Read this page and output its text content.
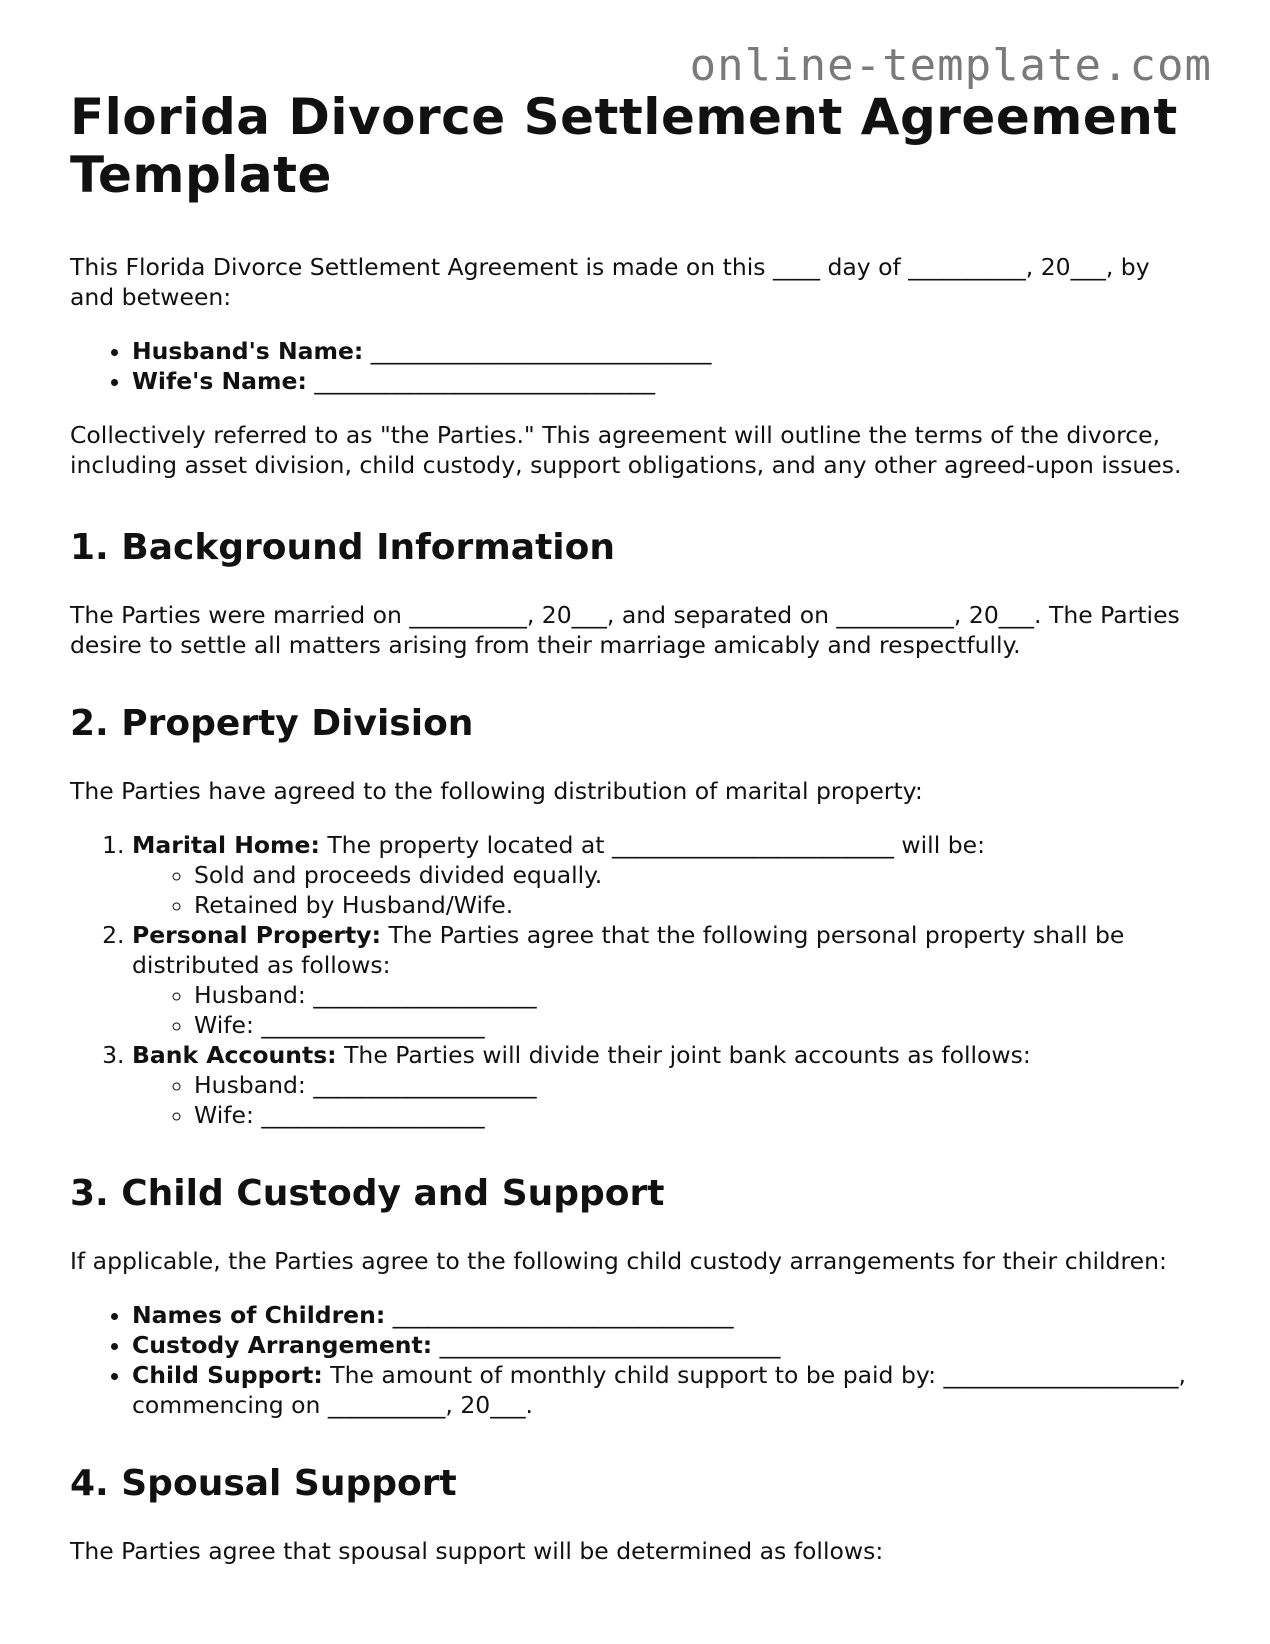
online-template.com
Florida Divorce Settlement Agreement Template

This Florida Divorce Settlement Agreement is made on this ____ day of __________, 20___, by and between:

• Husband's Name: _____________________________
• Wife's Name: _____________________________

Collectively referred to as "the Parties." This agreement will outline the terms of the divorce, including asset division, child custody, support obligations, and any other agreed-upon issues.

1. Background Information

The Parties were married on __________, 20___, and separated on __________, 20___. The Parties desire to settle all matters arising from their marriage amicably and respectfully.

2. Property Division

The Parties have agreed to the following distribution of marital property:

1. Marital Home: The property located at ________________________ will be:
◦ Sold and proceeds divided equally.
◦ Retained by Husband/Wife.
2. Personal Property: The Parties agree that the following personal property shall be distributed as follows:
◦ Husband: ___________________
◦ Wife: ___________________
3. Bank Accounts: The Parties will divide their joint bank accounts as follows:
◦ Husband: ___________________
◦ Wife: ___________________
3. Child Custody and Support

If applicable, the Parties agree to the following child custody arrangements for their children:

• Names of Children: _____________________________
• Custody Arrangement: _____________________________
• Child Support: The amount of monthly child support to be paid by: ____________________, commencing on __________, 20___.
4. Spousal Support

The Parties agree that spousal support will be determined as follows:
